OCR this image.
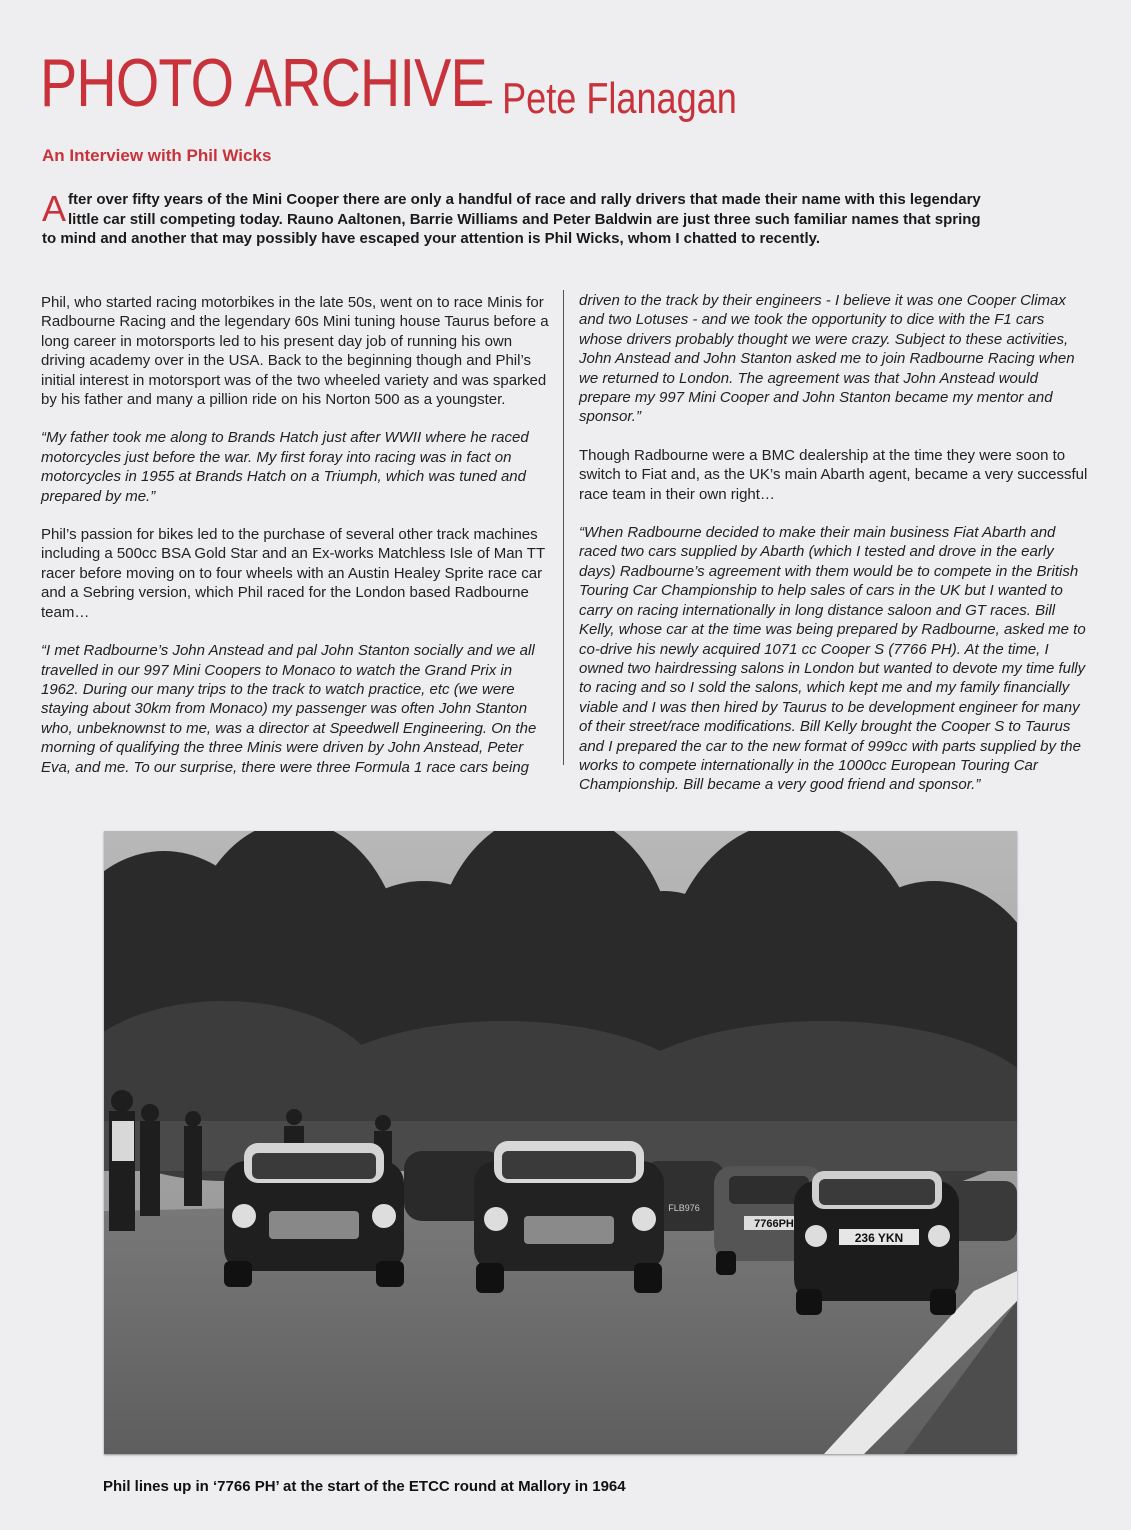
PHOTO ARCHIVE
– Pete Flanagan
An Interview with Phil Wicks
A fter over fifty years of the Mini Cooper there are only a handful of race and rally drivers that made their name with this legendary little car still competing today. Rauno Aaltonen, Barrie Williams and Peter Baldwin are just three such familiar names that spring to mind and another that may possibly have escaped your attention is Phil Wicks, whom I chatted to recently.

Phil, who started racing motorbikes in the late 50s, went on to race Minis for Radbourne Racing and the legendary 60s Mini tuning house Taurus before a long career in motorsports led to his present day job of running his own driving academy over in the USA. Back to the beginning though and Phil’s initial interest in motorsport was of the two wheeled variety and was sparked by his father and many a pillion ride on his Norton 500 as a youngster.

“My father took me along to Brands Hatch just after WWII where he raced motorcycles just before the war. My first foray into racing was in fact on motorcycles in 1955 at Brands Hatch on a Triumph, which was tuned and prepared by me.”

Phil’s passion for bikes led to the purchase of several other track machines including a 500cc BSA Gold Star and an Ex-works Matchless Isle of Man TT racer before moving on to four wheels with an Austin Healey Sprite race car and a Sebring version, which Phil raced for the London based Radbourne team…

“I met Radbourne’s John Anstead and pal John Stanton socially and we all travelled in our 997 Mini Coopers to Monaco to watch the Grand Prix in 1962. During our many trips to the track to watch practice, etc (we were staying about 30km from Monaco) my passenger was often John Stanton who, unbeknownst to me, was a director at Speedwell Engineering. On the morning of qualifying the three Minis were driven by John Anstead, Peter Eva, and me. To our surprise, there were three Formula 1 race cars being

driven to the track by their engineers - I believe it was one Cooper Climax and two Lotuses - and we took the opportunity to dice with the F1 cars whose drivers probably thought we were crazy. Subject to these activities, John Anstead and John Stanton asked me to join Radbourne Racing when we returned to London. The agreement was that John Anstead would prepare my 997 Mini Cooper and John Stanton became my mentor and sponsor.”

Though Radbourne were a BMC dealership at the time they were soon to switch to Fiat and, as the UK’s main Abarth agent, became a very successful race team in their own right…

“When Radbourne decided to make their main business Fiat Abarth and raced two cars supplied by Abarth (which I tested and drove in the early days) Radbourne’s agreement with them would be to compete in the British Touring Car Championship to help sales of cars in the UK but I wanted to carry on racing internationally in long distance saloon and GT races. Bill Kelly, whose car at the time was being prepared by Radbourne, asked me to co-drive his newly acquired 1071 cc Cooper S (7766 PH). At the time, I owned two hairdressing salons in London but wanted to devote my time fully to racing and so I sold the salons, which kept me and my family financially viable and I was then hired by Taurus to be development engineer for many of their street/race modifications. Bill Kelly brought the Cooper S to Taurus and I prepared the car to the new format of 999cc with parts supplied by the works to compete internationally in the 1000cc European Touring Car Championship. Bill became a very good friend and sponsor.”

7766PH
236 YKN
FLB976
Phil lines up in ‘7766 PH’ at the start of the ETCC round at Mallory in 1964
